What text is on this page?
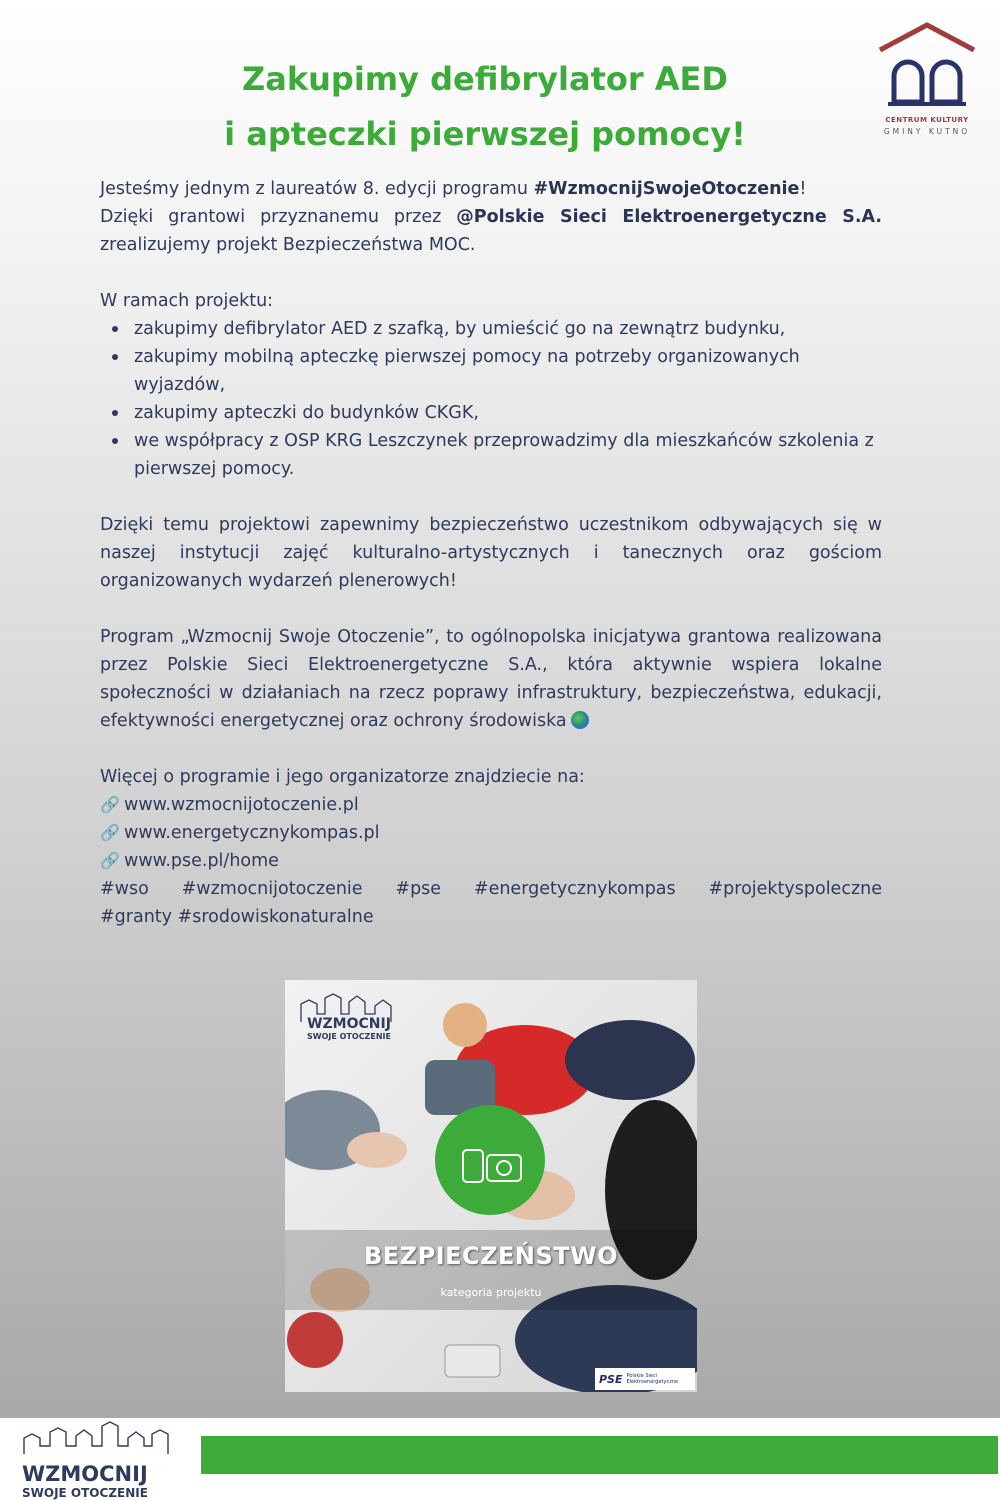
Zakupimy defibrylator AED
i apteczki pierwszej pomocy!	CENTRUM KULTURY
GMINY KUTNO

Jesteśmy jednym z laureatów 8. edycji programu #WzmocnijSwojeOtoczenie!

Dzięki grantowi przyznanemu przez @Polskie Sieci Elektroenergetyczne S.A.

zrealizujemy projekt Bezpieczeństwa MOC.

W ramach projektu:

zakupimy defibrylator AED z szafką, by umieścić go na zewnątrz budynku,
zakupimy mobilną apteczkę pierwszej pomocy na potrzeby organizowanych wyjazdów,
zakupimy apteczki do budynków CKGK,
we współpracy z OSP KRG Leszczynek przeprowadzimy dla mieszkańców szkolenia z pierwszej pomocy.

Dzięki temu projektowi zapewnimy bezpieczeństwo uczestnikom odbywających się w naszej instytucji zajęć kulturalno-artystycznych i tanecznych oraz gościom organizowanych wydarzeń plenerowych!

Program „Wzmocnij Swoje Otoczenie”, to ogólnopolska inicjatywa grantowa realizowana przez Polskie Sieci Elektroenergetyczne S.A., która aktywnie wspiera lokalne społeczności w działaniach na rzecz poprawy infrastruktury, bezpieczeństwa, edukacji, efektywności energetycznej oraz ochrony środowiska

Więcej o programie i jego organizatorze znajdziecie na:

🔗 www.wzmocnijotoczenie.pl

🔗 www.energetycznykompas.pl

🔗 www.pse.pl/home

#wso #wzmocnijotoczenie #pse #energetycznykompas #projektyspoleczne

#granty #srodowiskonaturalne

WZMOCNIJ
SWOJE OTOCZENIE
BEZPIECZEŃSTWO
kategoria projektu
PSE Polskie Sieci
Elektroenergetyczne
WZMOCNIJ
SWOJE OTOCZENIE
